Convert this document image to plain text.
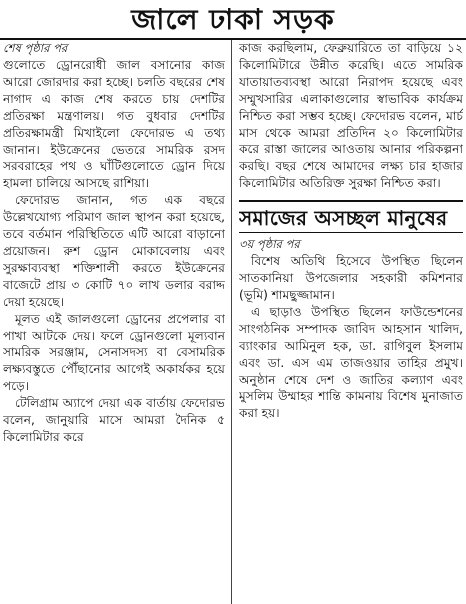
জালে ঢাকা সড়ক

শেষ পৃষ্ঠার পর

গুলোতে ড্রোনরোধী জাল বসানোর কাজ আরো জোরদার করা হচ্ছে। চলতি বছরের শেষ নাগাদ এ কাজ শেষ করতে চায় দেশটির প্রতিরক্ষা মন্ত্রণালয়। গত বুধবার দেশটির প্রতিরক্ষামন্ত্রী মিখাইলো ফেদোরভ এ তথ্য জানান। ইউক্রেনের ভেতরে সামরিক রসদ সরবরাহের পথ ও ঘাঁটিগুলোতে ড্রোন দিয়ে হামলা চালিয়ে আসছে রাশিয়া।

ফেদোরভ জানান, গত এক বছরে উল্লেখযোগ্য পরিমাণ জাল স্থাপন করা হয়েছে, তবে বর্তমান পরিস্থিতিতে এটি আরো বাড়ানো প্রয়োজন। রুশ ড্রোন মোকাবেলায় এবং সুরক্ষাব্যবস্থা শক্তিশালী করতে ইউক্রেনের বাজেটে প্রায় ৩ কোটি ৭০ লাখ ডলার বরাদ্দ দেয়া হয়েছে।

মূলত এই জালগুলো ড্রোনের প্রপেলার বা পাখা আটকে দেয়। ফলে ড্রোনগুলো মূল্যবান সামরিক সরঞ্জাম, সেনাসদস্য বা বেসামরিক লক্ষ্যবস্তুতে পৌঁছানোর আগেই অকার্যকর হয়ে পড়ে।

টেলিগ্রাম অ্যাপে দেয়া এক বার্তায় ফেদোরভ বলেন, জানুয়ারি মাসে আমরা দৈনিক ৫ কিলোমিটার করে

কাজ করছিলাম, ফেব্রুয়ারিতে তা বাড়িয়ে ১২ কিলোমিটারে উন্নীত করেছি। এতে সামরিক যাতায়াতব্যবস্থা আরো নিরাপদ হয়েছে এবং সম্মুখসারির এলাকাগুলোর স্বাভাবিক কার্যক্রম নিশ্চিত করা সম্ভব হচ্ছে। ফেদোরভ বলেন, মার্চ মাস থেকে আমরা প্রতিদিন ২০ কিলোমিটার করে রাস্তা জালের আওতায় আনার পরিকল্পনা করছি। বছর শেষে আমাদের লক্ষ্য চার হাজার কিলোমিটার অতিরিক্ত সুরক্ষা নিশ্চিত করা।

সমাজের অসচ্ছল মানুষের

৩য় পৃষ্ঠার পর

বিশেষ অতিথি হিসেবে উপস্থিত ছিলেন সাতকানিয়া উপজেলার সহকারী কমিশনার (ভূমি) শামছুজ্জামান।

এ ছাড়াও উপস্থিত ছিলেন ফাউন্ডেশনের সাংগঠনিক সম্পাদক জাবিদ আহসান খালিদ, ব্যাংকার আমিনুল হক, ডা. রাগিবুল ইসলাম এবং ডা. এস এম তাজওয়ার তাহির প্রমুখ। অনুষ্ঠান শেষে দেশ ও জাতির কল্যাণ এবং মুসলিম উম্মাহর শান্তি কামনায় বিশেষ মুনাজাত করা হয়।
